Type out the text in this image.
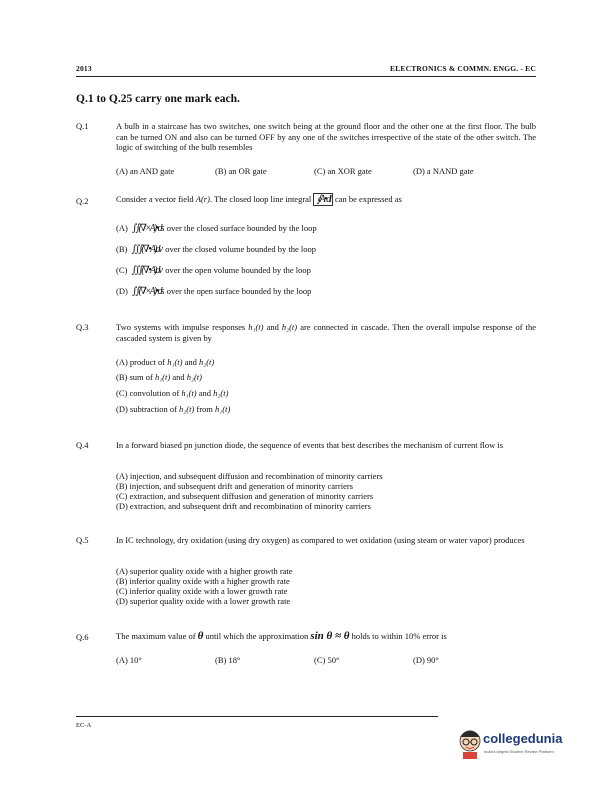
2013	ELECTRONICS & COMMN. ENGG. - EC
Q.1 to Q.25 carry one mark each.
Q.1	A bulb in a staircase has two switches, one switch being at the ground floor and the other one at the first floor. The bulb can be turned ON and also can be turned OFF by any one of the switches irrespective of the state of the other switch. The logic of switching of the bulb resembles
(A) an AND gate	(B) an OR gate	(C) an XOR gate	(D) a NAND gate
Q.2	Consider a vector field A(r). The closed loop line integral ∮A • dl can be expressed as
(A) ∬(∇×A) • ds over the closed surface bounded by the loop
(B) ∭(∇ • A)dv over the closed volume bounded by the loop
(C) ∭(∇ • A)dv over the open volume bounded by the loop
(D) ∬(∇×A) • ds over the open surface bounded by the loop
Q.3	Two systems with impulse responses h₁(t) and h₂(t) are connected in cascade. Then the overall impulse response of the cascaded system is given by
(A) product of h₁(t) and h₂(t)
(B) sum of h₁(t) and h₂(t)
(C) convolution of h₁(t) and h₂(t)
(D) subtraction of h₂(t) from h₁(t)
Q.4	In a forward biased pn junction diode, the sequence of events that best describes the mechanism of current flow is
(A) injection, and subsequent diffusion and recombination of minority carriers
(B) injection, and subsequent drift and generation of minority carriers
(C) extraction, and subsequent diffusion and generation of minority carriers
(D) extraction, and subsequent drift and recombination of minority carriers
Q.5	In IC technology, dry oxidation (using dry oxygen) as compared to wet oxidation (using steam or water vapor) produces
(A) superior quality oxide with a higher growth rate
(B) inferior quality oxide with a higher growth rate
(C) inferior quality oxide with a lower growth rate
(D) superior quality oxide with a lower growth rate
Q.6	The maximum value of θ until which the approximation sin θ ≈ θ holds to within 10% error is
(A) 10°	(B) 18°	(C) 50°	(D) 90°
EC-A
collegedunia
India's largest Student Review Platform
